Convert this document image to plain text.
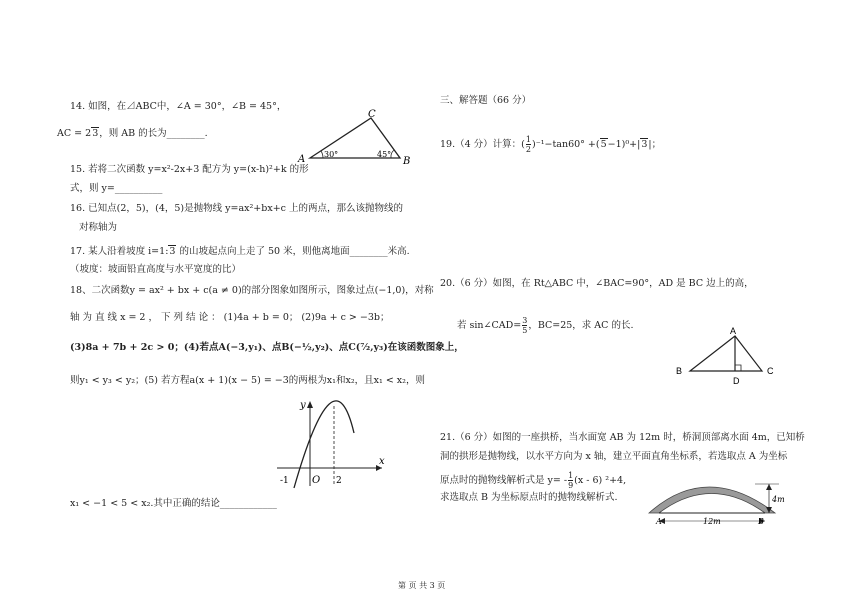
14. 如图，在⊿ABC中，∠A = 30°，∠B = 45°，
AC = 23，则 AB 的长为________.
C
A	B
30°	45°
15. 若将二次函数 y=x²-2x+3 配方为 y=(x-h)²+k 的形
式，则 y=__________
16. 已知点(2，5)，(4，5)是抛物线 y=ax²+bx+c 上的两点，那么该抛物线的
对称轴为
17. 某人沿着坡度 i=1:3 的山坡起点向上走了 50 米，则他离地面________米高.
（坡度：坡面铅直高度与水平宽度的比）
18、二次函数y = ax² + bx + c(a ≠ 0)的部分图象如图所示，图象过点(−1,0)，对称
轴 为 直 线 x = 2 ， 下 列 结 论 ： (1)4a + b = 0； (2)9a + c > −3b；
(3)8a + 7b + 2c > 0；(4)若点A(−3,y₁)、点B(−½,y₂)、点C(⁷⁄₂,y₃)在该函数图象上，
则y₁ < y₃ < y₂；(5) 若方程a(x + 1)(x − 5) = −3的两根为x₁和x₂，且x₁ < x₂，则
y
x
O
-1	2
x₁ < −1 < 5 < x₂.其中正确的结论____________
三、解答题（66 分）
19.（4 分）计算：( $\frac{1}{2} )^{-1}-\tan 60^\circ +(5-1)^0+|3|$；
20.（6 分）如图，在 Rt△ABC 中，∠BAC=90°，AD 是 BC 边上的高，
若 sin∠CAD= $\frac{3}{5}$ ，BC=25，求 AC 的长.	A
B	C
D
21.（6 分）如图的一座拱桥，当水面宽 AB 为 12m 时，桥洞顶部离水面 4m，已知桥
洞的拱形是抛物线，以水平方向为 x 轴，建立平面直角坐标系，若选取点 A 为坐标
原点时的抛物线解析式是 $y= - \frac{1}{9} (x - 6)$ ²+4,
求选取点 B 为坐标原点时的抛物线解析式.	4m
12m
A	B
第 页 共 3 页
